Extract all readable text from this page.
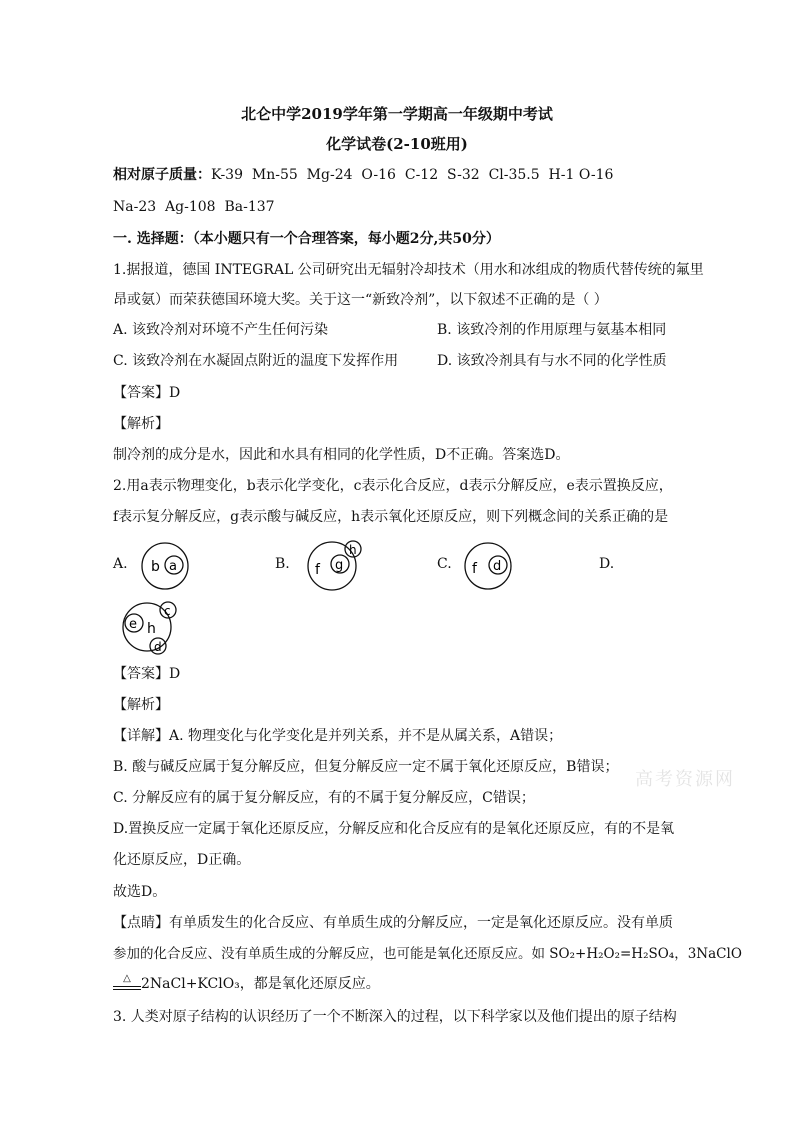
北仑中学2019学年第一学期高一年级期中考试
化学试卷(2-10班用)
相对原子质量：K-39  Mn-55  Mg-24  O-16  C-12  S-32  Cl-35.5  H-1 O-16
Na-23  Ag-108  Ba-137
一. 选择题：（本小题只有一个合理答案，每小题2分,共50分）
1.据报道，德国 INTEGRAL 公司研究出无辐射冷却技术（用水和冰组成的物质代替传统的氟里
昂或氨）而荣获德国环境大奖。关于这一“新致冷剂”，以下叙述不正确的是（ ）
A. 该致冷剂对环境不产生任何污染	B. 该致冷剂的作用原理与氨基本相同
C. 该致冷剂在水凝固点附近的温度下发挥作用	D. 该致冷剂具有与水不同的化学性质
【答案】D
【解析】
制冷剂的成分是水，因此和水具有相同的化学性质，D不正确。答案选D。
2.用a表示物理变化，b表示化学变化，c表示化合反应，d表示分解反应，e表示置换反应，
f表示复分解反应，g表示酸与碱反应，h表示氧化还原反应，则下列概念间的关系正确的是
A.	B.	C.	D.
b a	f g
h
f d
e h
c
d
【答案】D
【解析】
【详解】A. 物理变化与化学变化是并列关系，并不是从属关系，A错误；
B. 酸与碱反应属于复分解反应，但复分解反应一定不属于氧化还原反应，B错误；
C. 分解反应有的属于复分解反应，有的不属于复分解反应，C错误；
D.置换反应一定属于氧化还原反应，分解反应和化合反应有的是氧化还原反应，有的不是氧
化还原反应，D正确。
故选D。
【点睛】有单质发生的化合反应、有单质生成的分解反应，一定是氧化还原反应。没有单质
参加的化合反应、没有单质生成的分解反应，也可能是氧化还原反应。如 SO₂+H₂O₂=H₂SO₄，3NaClO
△ 2NaCl+KClO₃，都是氧化还原反应。
3. 人类对原子结构的认识经历了一个不断深入的过程，以下科学家以及他们提出的原子结构
高考资源网
